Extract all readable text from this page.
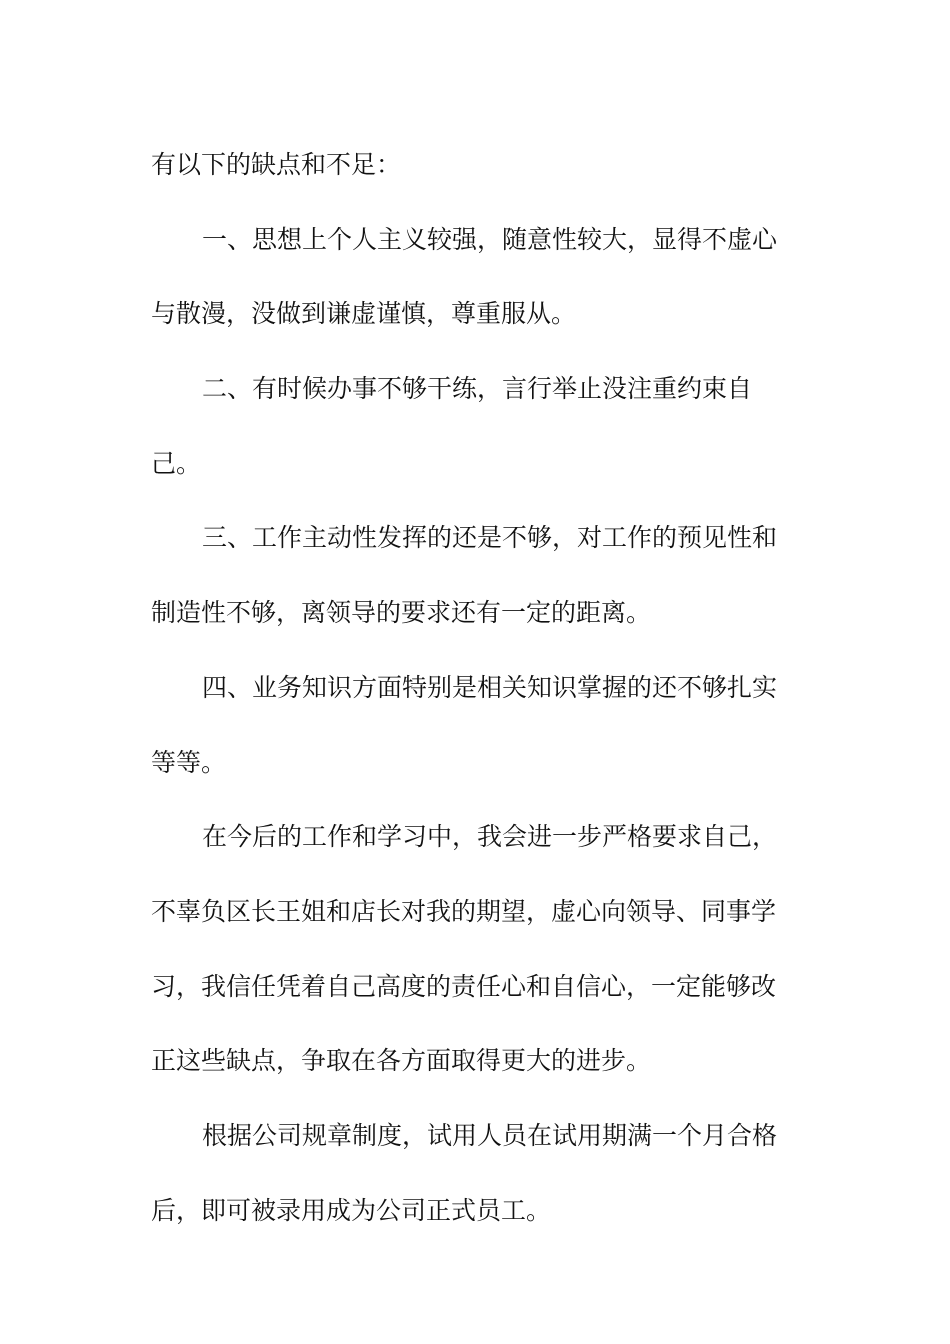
有以下的缺点和不足：
一、思想上个人主义较强，随意性较大，显得不虚心
与散漫，没做到谦虚谨慎，尊重服从。
二、有时候办事不够干练，言行举止没注重约束自
己。
三、工作主动性发挥的还是不够，对工作的预见性和
制造性不够，离领导的要求还有一定的距离。
四、业务知识方面特别是相关知识掌握的还不够扎实
等等。
在今后的工作和学习中，我会进一步严格要求自己，
不辜负区长王姐和店长对我的期望，虚心向领导、同事学
习，我信任凭着自己高度的责任心和自信心，一定能够改
正这些缺点，争取在各方面取得更大的进步。
根据公司规章制度，试用人员在试用期满一个月合格
后，即可被录用成为公司正式员工。
